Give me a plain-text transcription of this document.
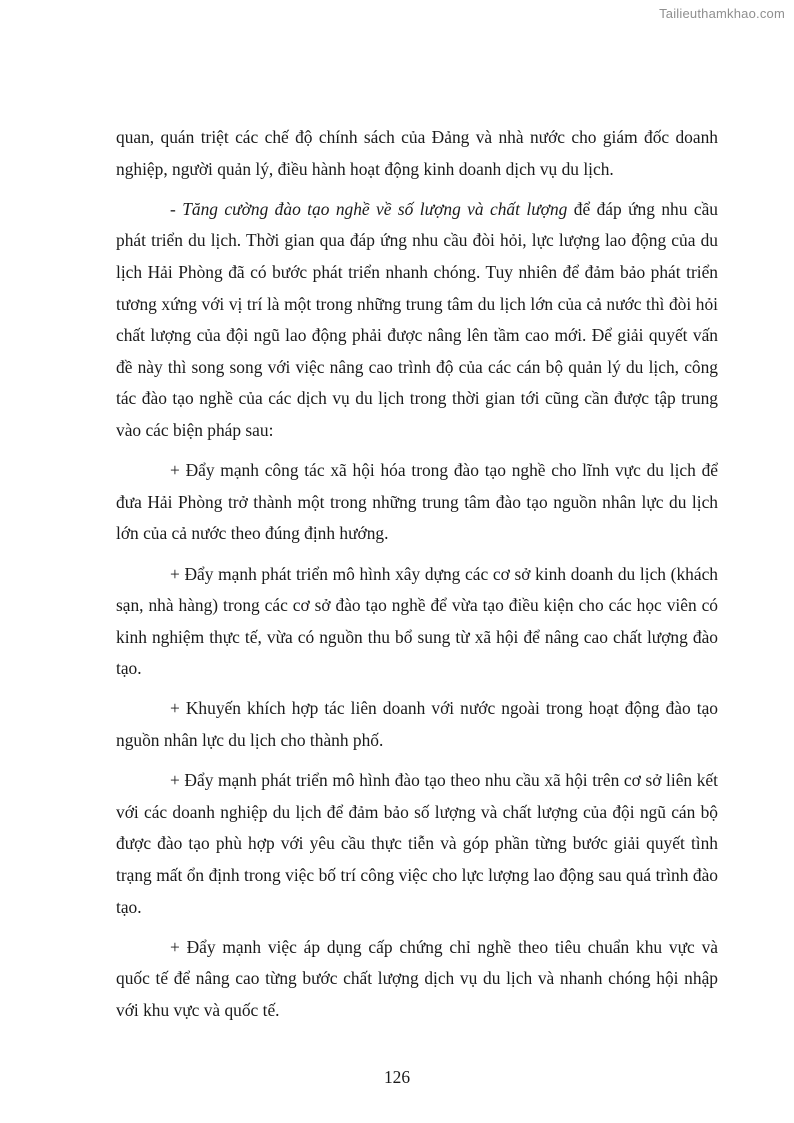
Tailieuthamkhao.com

quan, quán triệt các chế độ chính sách của Đảng và nhà nước cho giám đốc doanh nghiệp, người quản lý, điều hành hoạt động kinh doanh dịch vụ du lịch.

- Tăng cường đào tạo nghề về số lượng và chất lượng để đáp ứng nhu cầu phát triển du lịch. Thời gian qua đáp ứng nhu cầu đòi hỏi, lực lượng lao động của du lịch Hải Phòng đã có bước phát triển nhanh chóng. Tuy nhiên để đảm bảo phát triển tương xứng với vị trí là một trong những trung tâm du lịch lớn của cả nước thì đòi hỏi chất lượng của đội ngũ lao động phải được nâng lên tầm cao mới. Để giải quyết vấn đề này thì song song với việc nâng cao trình độ của các cán bộ quản lý du lịch, công tác đào tạo nghề của các dịch vụ du lịch trong thời gian tới cũng cần được tập trung vào các biện pháp sau:

+ Đẩy mạnh công tác xã hội hóa trong đào tạo nghề cho lĩnh vực du lịch để đưa Hải Phòng trở thành một trong những trung tâm đào tạo nguồn nhân lực du lịch lớn của cả nước theo đúng định hướng.

+ Đẩy mạnh phát triển mô hình xây dựng các cơ sở kinh doanh du lịch (khách sạn, nhà hàng) trong các cơ sở đào tạo nghề để vừa tạo điều kiện cho các học viên có kinh nghiệm thực tế, vừa có nguồn thu bổ sung từ xã hội để nâng cao chất lượng đào tạo.

+ Khuyến khích hợp tác liên doanh với nước ngoài trong hoạt động đào tạo nguồn nhân lực du lịch cho thành phố.

+ Đẩy mạnh phát triển mô hình đào tạo theo nhu cầu xã hội trên cơ sở liên kết với các doanh nghiệp du lịch để đảm bảo số lượng và chất lượng của đội ngũ cán bộ được đào tạo phù hợp với yêu cầu thực tiễn và góp phần từng bước giải quyết tình trạng mất ổn định trong việc bố trí công việc cho lực lượng lao động sau quá trình đào tạo.

+ Đẩy mạnh việc áp dụng cấp chứng chỉ nghề theo tiêu chuẩn khu vực và quốc tế để nâng cao từng bước chất lượng dịch vụ du lịch và nhanh chóng hội nhập với khu vực và quốc tế.

126
